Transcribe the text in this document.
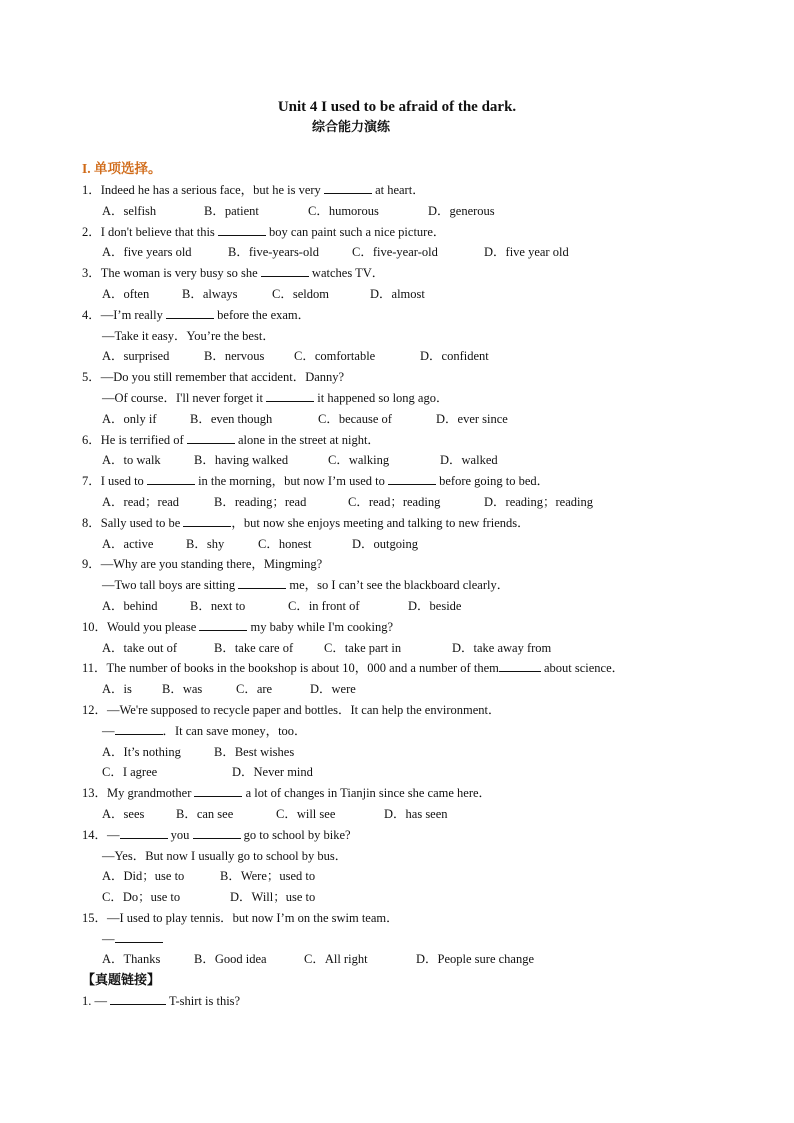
Unit 4 I used to be afraid of the dark.
综合能力演练
I. 单项选择。
1．Indeed he has a serious face，but he is very	at heart．
A．selfish	B．patient	C．humorous	D．generous
2．I don't believe that this	boy can paint such a nice picture．
A．five years old	B．five-years-old	C．five-year-old	D．five year old
3．The woman is very busy so she	watches TV．
A．often	B．always	C．seldom	D．almost
4．—I’m really	before the exam．
—Take it easy．You’re the best．
A．surprised	B．nervous C．comfortable	D．confident
5．—Do you still remember that accident．Danny?
—Of course．I'll never forget it	it happened so long ago．
A．only if	B．even though	C．because of	D．ever since
6．He is terrified of	alone in the street at night．
A．to walk	B．having walked	C．walking	D．walked
7．I used to	in the morning，but now I’m used to	before going to bed．
A．read；read	B．reading；read	C．read；reading	D．reading；reading
8．Sally used to be	，but now she enjoys meeting and talking to new friends．
A．active	B．shy	C．honest	D．outgoing
9．—Why are you standing there，Mingming?
—Two tall boys are sitting	me，so I can’t see the blackboard clearly．
A．behind	B．next to	C．in front of	D．beside
10．Would you please	my baby while I'm cooking?
A．take out of	B．take care of C．take part in	D．take away from
11．The number of books in the bookshop is about 10，000 and a number of them	about science．
A．is B．was	C．are	D．were
12．—We're supposed to recycle paper and bottles．It can help the environment．
—	．It can save money，too．
A．It’s nothing	B．Best wishes
C．I agree	D．Never mind
13．My grandmother	a lot of changes in Tianjin since she came here．
A．sees	B．can see	C．will see	D．has seen
14．—	you	go to school by bike?
—Yes．But now I usually go to school by bus．
A．Did；use to	B．Were；used to
C．Do；use to	D．Will；use to
15．—I used to play tennis．but now I’m on the swim team．
—
A．Thanks	B．Good idea	C．All right	D．People sure change
【真题链接】
1. —	T-shirt is this?
